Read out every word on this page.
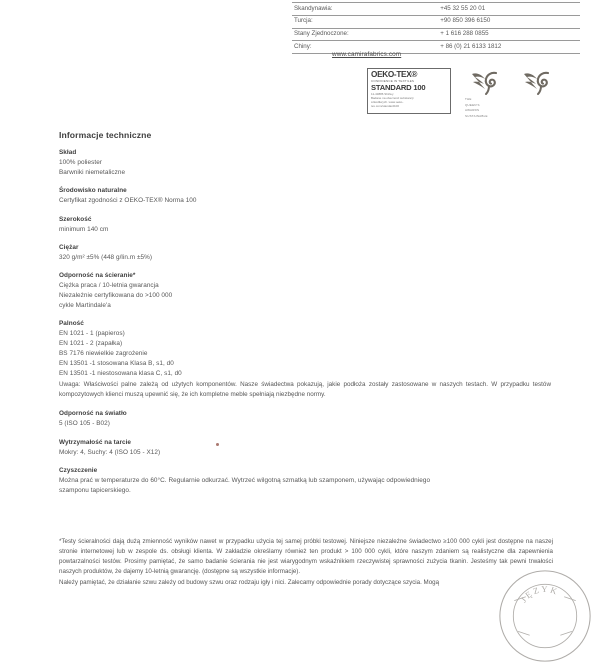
Skandynawia:	+45 32 55 20 01
Turcja:	+90 850 396 6150
Stany Zjednoczone:	+ 1 616 288 0855
Chiny:	+ 86 (0) 21 6133 1812
www.camirafabrics.com
OEKO-TEX®
CONFIDENCE IN TEXTILES
STANDARD 100
11-43886 Shirley
Badane na obecność substancji
szkodliwych. www.oeko-
tex.com/standard100
THE
QUEEN'S
AWARDS
SUSTAINABLE
Informacje techniczne
Skład
100% poliester
Barwniki niemetaliczne
Środowisko naturalne
Certyfikat zgodności z OEKO-TEX® Norma 100
Szerokość
minimum 140 cm
Ciężar
320 g/m² ±5% (448 g/lin.m ±5%)
Odporność na ścieranie*
Ciężka praca / 10-letnia gwarancja
Niezależnie certyfikowana do >100 000
cykle Martindale'a
Palność
EN 1021 - 1 (papieros)
EN 1021 - 2 (zapałka)
BS 7176 niewielkie zagrożenie
EN 13501 -1 stosowana Klasa B, s1, d0
EN 13501 -1 niestosowana klasa C, s1, d0
Uwaga: Właściwości palne zależą od użytych komponentów. Nasze świadectwa pokazują, jakie podłoża zostały zastosowane w naszych testach. W przypadku testów kompozytowych klienci muszą upewnić się, że ich kompletne meble spełniają niezbędne normy.
Odporność na światło
5 (ISO 105 - B02)
Wytrzymałość na tarcie
Mokry: 4, Suchy: 4 (ISO 105 - X12)
Czyszczenie
Można prać w temperaturze do 60°C. Regularnie odkurzać. Wytrzeć wilgotną szmatką lub szamponem, używając odpowiedniego
szamponu tapicerskiego.

*Testy ścieralności dają dużą zmienność wyników nawet w przypadku użycia tej samej próbki testowej. Niniejsze niezależne świadectwo ≥100 000 cykli jest dostępne na naszej stronie internetowej lub w zespole ds. obsługi klienta. W zakładzie określamy również ten produkt > 100 000 cykli, które naszym zdaniem są realistyczne dla zapewnienia powtarzalności testów. Prosimy pamiętać, że samo badanie ścierania nie jest wiarygodnym wskaźnikiem rzeczywistej sprawności zużycia tkanin. Jesteśmy tak pewni trwałości naszych produktów, że dajemy 10-letnią gwarancję. (dostępne są wszystkie informacje).

Należy pamiętać, że działanie szwu zależy od budowy szwu oraz rodzaju igły i nici. Zalecamy odpowiednie porady dotyczące szycia. Mogą

JĘZYK
